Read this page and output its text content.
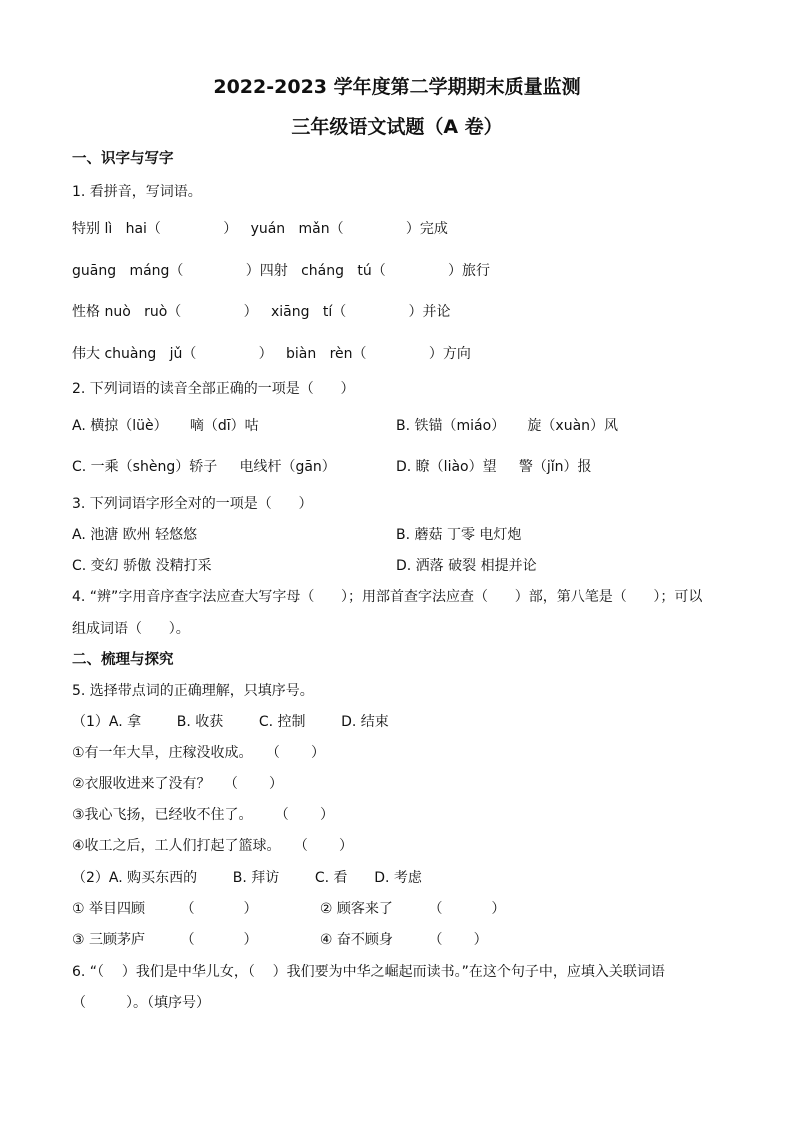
2022-2023 学年度第二学期期末质量监测
三年级语文试题（A 卷）
一、识字与写字
1. 看拼音，写词语。
特别 lì   hai（              ）   yuán   mǎn（              ）完成
guāng   máng（              ）四射   cháng   tú（              ）旅行
性格 nuò   ruò（              ）   xiāng   tí（              ）并论
伟大 chuàng   jǔ（              ）   biàn   rèn（              ）方向
2. 下列词语的读音全部正确的一项是（      ）
A. 横掠（lüè）     嘀（dī）咕	B. 铁锚（miáo）     旋（xuàn）风
C. 一乘（shèng）轿子     电线杆（gān）	D. 瞭（liào）望     警（jǐn）报
3. 下列词语字形全对的一项是（      ）
A. 池溏 欧州 轻悠悠	B. 蘑菇 丁零 电灯炮
C. 变幻 骄傲 没精打采	D. 洒落 破裂 相提并论
4. “辨”字用音序查字法应查大写字母（      ）；用部首查字法应查（      ）部，第八笔是（      ）；可以
组成词语（      ）。
二、梳理与探究
5. 选择带点词的正确理解，只填序号。
（1）A. 拿        B. 收获        C. 控制        D. 结束
①有一年大旱，庄稼没收成。   （       ）
②衣服收进来了没有？   （       ）
③我心飞扬，已经收不住了。     （       ）
④收工之后，工人们打起了篮球。   （       ）
（2）A. 购买东西的        B. 拜访        C. 看      D. 考虑
① 举目四顾        （           ）              ② 顾客来了        （           ）
③ 三顾茅庐        （           ）              ④ 奋不顾身        （       ）
6. “（    ）我们是中华儿女，（    ）我们要为中华之崛起而读书。”在这个句子中，应填入关联词语
（         ）。（填序号）
